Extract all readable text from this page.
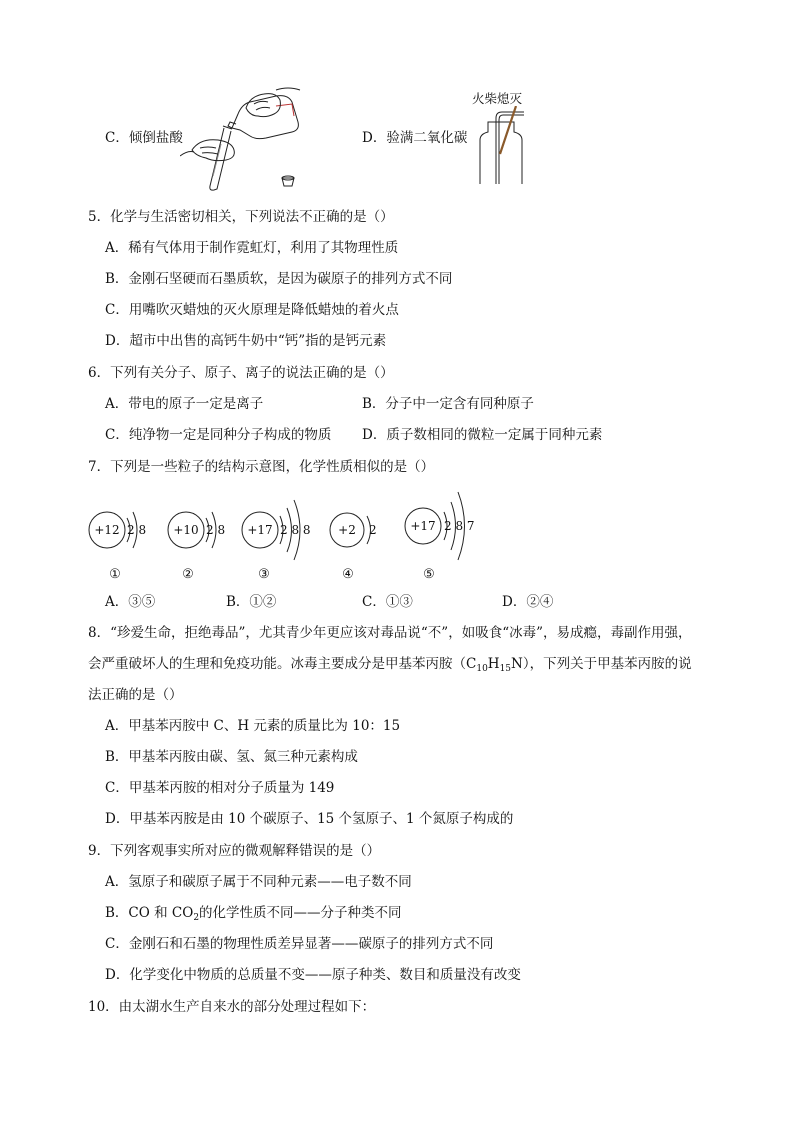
C．倾倒盐酸	D．验满二氧化碳
火柴熄灭
5．化学与生活密切相关，下列说法不正确的是（）
A．稀有气体用于制作霓虹灯，利用了其物理性质
B．金刚石坚硬而石墨质软，是因为碳原子的排列方式不同
C．用嘴吹灭蜡烛的灭火原理是降低蜡烛的着火点
D．超市中出售的高钙牛奶中“钙”指的是钙元素
6．下列有关分子、原子、离子的说法正确的是（）
A．带电的原子一定是离子	B．分子中一定含有同种原子
C．纯净物一定是同种分子构成的物质 D．质子数相同的微粒一定属于同种元素
7．下列是一些粒子的结构示意图，化学性质相似的是（）
+12 2 8 +10 2 8 +17 2 8 8 +2 2	+17 2 8 7
①	②	③	④	⑤
A．③⑤	B．①②	C．①③	D．②④
8．“珍爱生命，拒绝毒品”，尤其青少年更应该对毒品说“不”，如吸食“冰毒”，易成瘾，毒副作用强，
会严重破坏人的生理和免疫功能。冰毒主要成分是甲基苯丙胺$(C_{10}H_{15}N)$，下列关于甲基苯丙胺的说
法正确的是（）
A．甲基苯丙胺中 C、H 元素的质量比为 10：15
B．甲基苯丙胺由碳、氢、氮三种元素构成
C．甲基苯丙胺的相对分子质量为 149
D．甲基苯丙胺是由 10 个碳原子、15 个氢原子、1 个氮原子构成的
9．下列客观事实所对应的微观解释错误的是（）
A．氢原子和碳原子属于不同种元素——电子数不同
B．CO 和 $CO_2$的化学性质不同——分子种类不同
C．金刚石和石墨的物理性质差异显著——碳原子的排列方式不同
D．化学变化中物质的总质量不变——原子种类、数目和质量没有改变
10．由太湖水生产自来水的部分处理过程如下：
